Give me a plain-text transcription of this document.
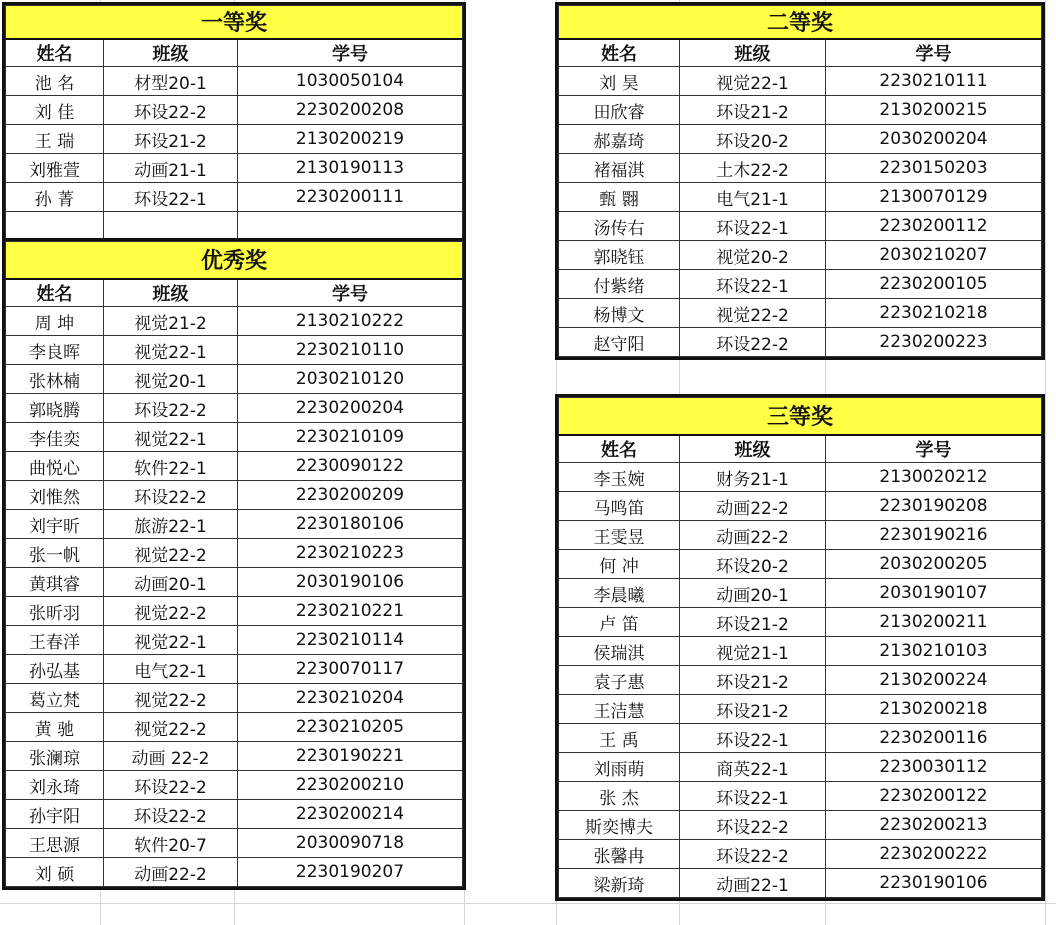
一等奖		
姓名	班级	学号
池 名	材型20-1	1030050104
刘 佳	环设22-2	2230200208
王 瑞	环设21-2	2130200219
刘雅萱	动画21-1	2130190113
孙 菁	环设22-1	2230200111

优秀奖		
姓名	班级	学号
周 坤	视觉21-2	2130210222
李良晖	视觉22-1	2230210110
张林楠	视觉20-1	2030210120
郭晓腾	环设22-2	2230200204
李佳奕	视觉22-1	2230210109
曲悦心	软件22-1	2230090122
刘惟然	环设22-2	2230200209
刘宇昕	旅游22-1	2230180106
张一帆	视觉22-2	2230210223
黄琪睿	动画20-1	2030190106
张昕羽	视觉22-2	2230210221
王春洋	视觉22-1	2230210114
孙弘基	电气22-1	2230070117
葛立梵	视觉22-2	2230210204
黄 驰	视觉22-2	2230210205
张澜琼	动画 22-2	2230190221
刘永琦	环设22-2	2230200210
孙宇阳	环设22-2	2230200214
王思源	软件20-7	2030090718
刘 硕	动画22-2	2230190207
二等奖		
姓名	班级	学号
刘 昊	视觉22-1	2230210111
田欣睿	环设21-2	2130200215
郝嘉琦	环设20-2	2030200204
褚福淇	土木22-2	2230150203
甄 翾	电气21-1	2130070129
汤传右	环设22-1	2230200112
郭晓钰	视觉20-2	2030210207
付紫绪	环设22-1	2230200105
杨博文	视觉22-2	2230210218
赵守阳	环设22-2	2230200223
三等奖		
姓名	班级	学号
李玉婉	财务21-1	2130020212
马鸣笛	动画22-2	2230190208
王雯昱	动画22-2	2230190216
何 冲	环设20-2	2030200205
李晨曦	动画20-1	2030190107
卢 笛	环设21-2	2130200211
侯瑞淇	视觉21-1	2130210103
袁子惠	环设21-2	2130200224
王洁慧	环设21-2	2130200218
王 禹	环设22-1	2230200116
刘雨萌	商英22-1	2230030112
张 杰	环设22-1	2230200122
斯奕博夫	环设22-2	2230200213
张馨冉	环设22-2	2230200222
梁新琦	动画22-1	2230190106
